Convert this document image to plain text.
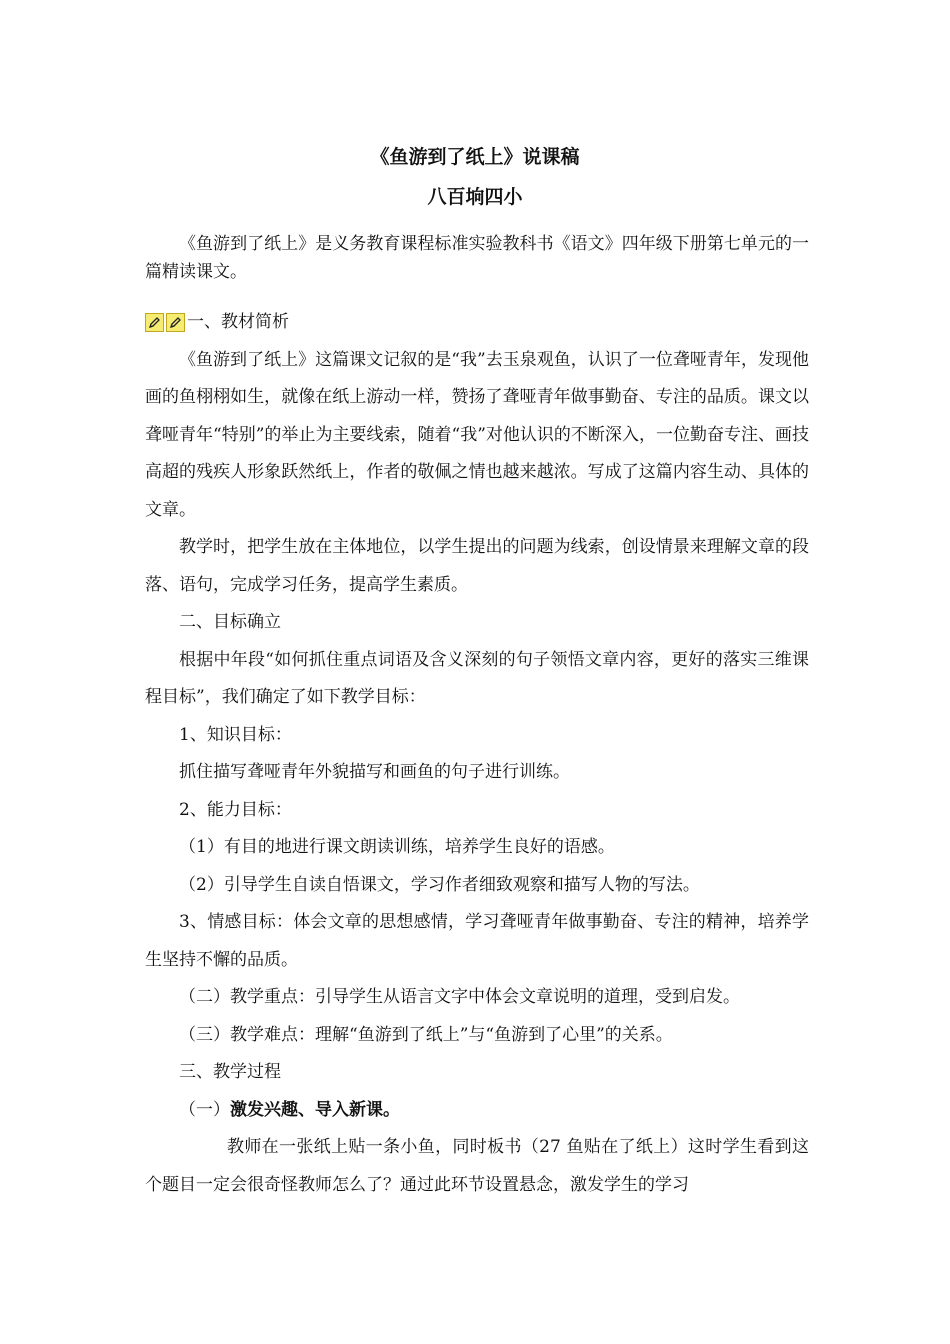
《鱼游到了纸上》说课稿
八百垧四小

《鱼游到了纸上》是义务教育课程标准实验教科书《语文》四年级下册第七单元的一篇精读课文。

一、教材简析

《鱼游到了纸上》这篇课文记叙的是“我”去玉泉观鱼，认识了一位聋哑青年，发现他画的鱼栩栩如生，就像在纸上游动一样，赞扬了聋哑青年做事勤奋、专注的品质。课文以聋哑青年“特别”的举止为主要线索，随着“我”对他认识的不断深入，一位勤奋专注、画技高超的残疾人形象跃然纸上，作者的敬佩之情也越来越浓。写成了这篇内容生动、具体的文章。

教学时，把学生放在主体地位，以学生提出的问题为线索，创设情景来理解文章的段落、语句，完成学习任务，提高学生素质。

二、目标确立

根据中年段“如何抓住重点词语及含义深刻的句子领悟文章内容，更好的落实三维课程目标”，我们确定了如下教学目标：

1、知识目标：

抓住描写聋哑青年外貌描写和画鱼的句子进行训练。

2、能力目标：

（1）有目的地进行课文朗读训练，培养学生良好的语感。

（2）引导学生自读自悟课文，学习作者细致观察和描写人物的写法。

3、情感目标：体会文章的思想感情，学习聋哑青年做事勤奋、专注的精神，培养学生坚持不懈的品质。

（二）教学重点：引导学生从语言文字中体会文章说明的道理，受到启发。

（三）教学难点：理解“鱼游到了纸上”与“鱼游到了心里”的关系。

三、教学过程

（一）激发兴趣、导入新课。

教师在一张纸上贴一条小鱼，同时板书（27 鱼贴在了纸上）这时学生看到这个题目一定会很奇怪教师怎么了？通过此环节设置悬念，激发学生的学习
